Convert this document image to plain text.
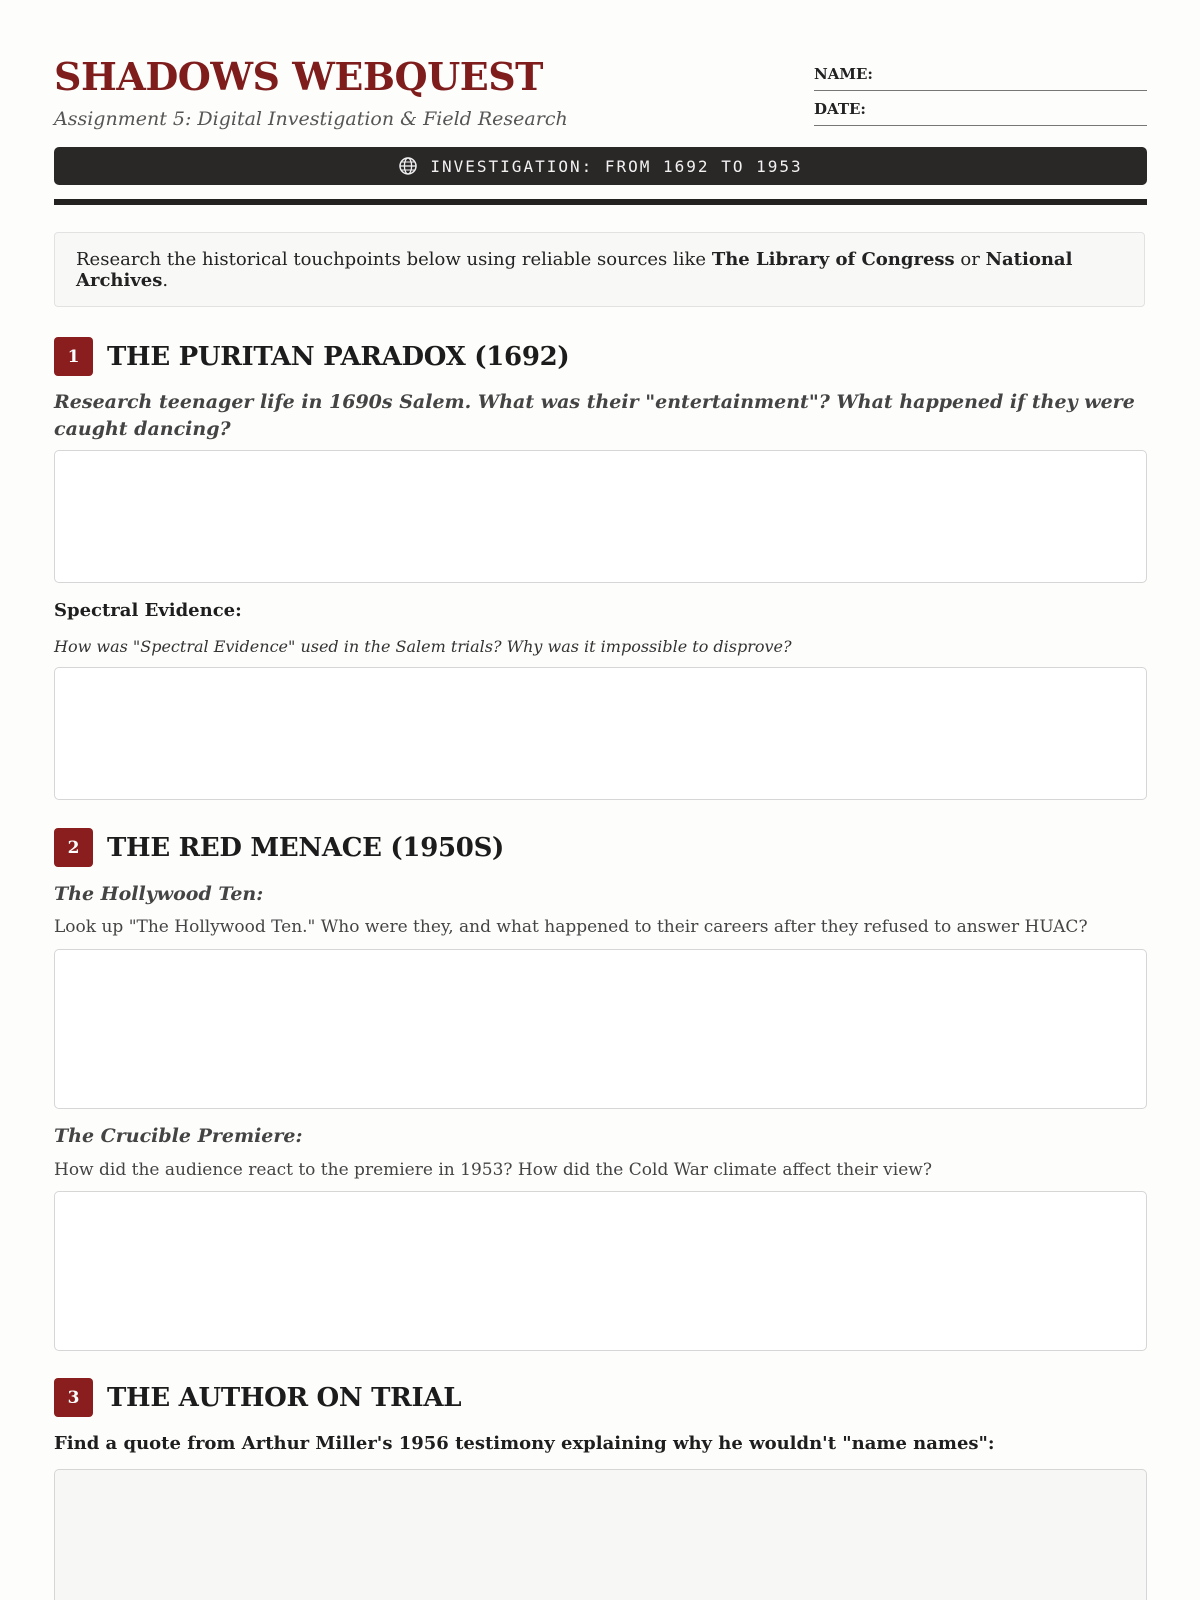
SHADOWS WEBQUEST

Assignment 5: Digital Investigation & Field Research

NAME:
DATE:
INVESTIGATION: FROM 1692 TO 1953
Research the historical touchpoints below using reliable sources like The Library of Congress or National Archives.
1	THE PURITAN PARADOX (1692)
Research teenager life in 1690s Salem. What was their "entertainment"? What happened if they were caught dancing?
Spectral Evidence:
How was "Spectral Evidence" used in the Salem trials? Why was it impossible to disprove?
2	THE RED MENACE (1950S)
The Hollywood Ten:
Look up "The Hollywood Ten." Who were they, and what happened to their careers after they refused to answer HUAC?
The Crucible Premiere:
How did the audience react to the premiere in 1953? How did the Cold War climate affect their view?
3	THE AUTHOR ON TRIAL
Find a quote from Arthur Miller's 1956 testimony explaining why he wouldn't "name names":
